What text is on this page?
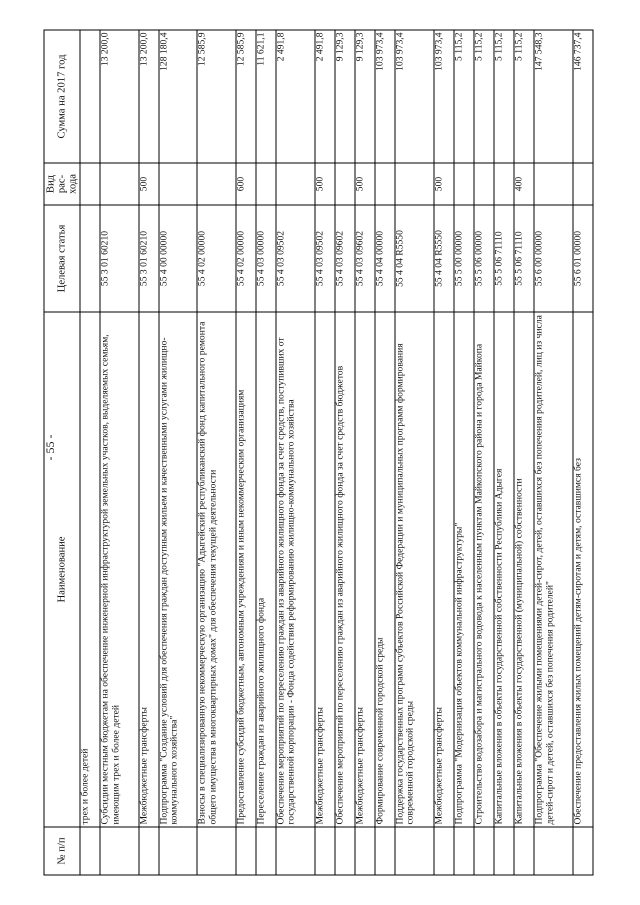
- 55 -
№ п/п	Наименование	Целевая статья	Вид рас-хода	Сумма на 2017 год
	трех и более детей			
	Субсидии местным бюджетам на обеспечение инженерной инфраструктурой земельных участков, выделяемых семьям, имеющим трех и более детей	55 3 01 60210		13 200,0
	Межбюджетные трансферты	55 3 01 60210	500	13 200,0
	Подпрограмма "Создание условий для обеспечения граждан доступным жильем и качественными услугами жилищно-коммунального хозяйства"	55 4 00 00000		128 180,4
	Взносы в специализированную некоммерческую организацию "Адыгейский республиканский фонд капитального ремонта общего имущества в многоквартирных домах" для обеспечения текущей деятельности	55 4 02 00000		12 585,9
	Предоставление субсидий бюджетным, автономным учреждениям и иным некоммерческим организациям	55 4 02 00000	600	12 585,9
	Переселение граждан из аварийного жилищного фонда	55 4 03 00000		11 621,1
	Обеспечение мероприятий по переселению граждан из аварийного жилищного фонда за счет средств, поступивших от государственной корпорации - Фонда содействия реформированию жилищно-коммунального хозяйства	55 4 03 09502		2 491,8
	Межбюджетные трансферты	55 4 03 09502	500	2 491,8
	Обеспечение мероприятий по переселению граждан из аварийного жилищного фонда за счет средств бюджетов	55 4 03 09602		9 129,3
	Межбюджетные трансферты	55 4 03 09602	500	9 129,3
	Формирование современной городской среды	55 4 04 00000		103 973,4
	Поддержка государственных программ субъектов Российской Федерации и муниципальных программ формирования современной городской среды	55 4 04 R5550		103 973,4
	Межбюджетные трансферты	55 4 04 R5550	500	103 973,4
	Подпрограмма "Модернизация объектов коммунальной инфраструктуры"	55 5 00 00000		5 115,2
	Строительство водозабора и магистрального водовода к населенным пунктам Майкопского района и города Майкопа	55 5 06 00000		5 115,2
	Капитальные вложения в объекты государственной собственности Республики Адыгея	55 5 06 71110		5 115,2
	Капитальные вложения в объекты государственной (муниципальной) собственности	55 5 06 71110	400	5 115,2
	Подпрограмма "Обеспечение жилыми помещениями детей-сирот, детей, оставшихся без попечения родителей, лиц из числа детей-сирот и детей, оставшихся без попечения родителей"	55 6 00 00000		147 548,3
	Обеспечение предоставления жилых помещений детям-сиротам и детям, оставшимся без	55 6 01 00000		146 737,4
